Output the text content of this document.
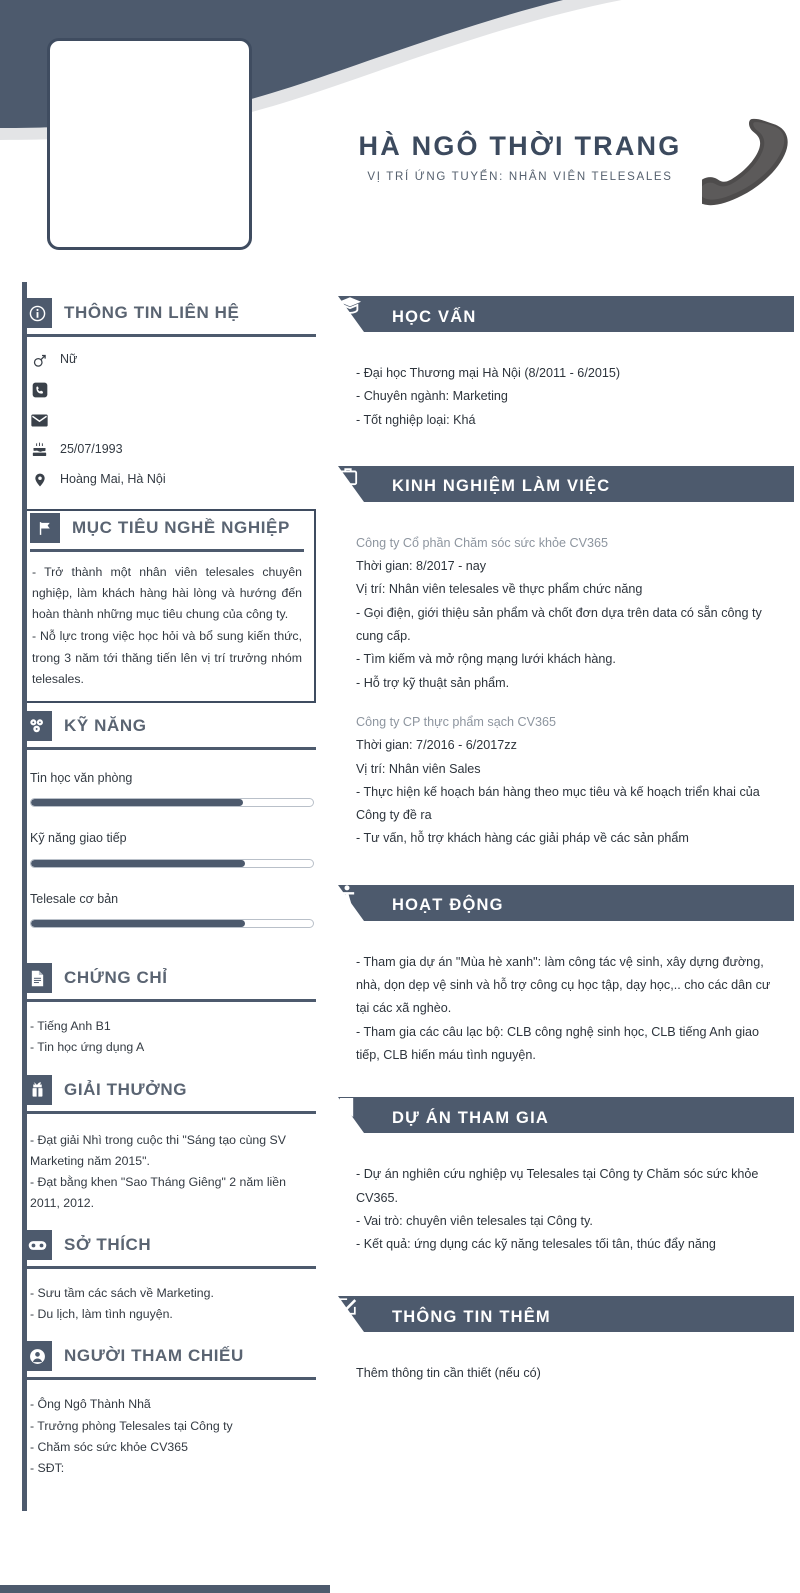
HÀ NGÔ THỜI TRANG
VỊ TRÍ ỨNG TUYỂN: NHÂN VIÊN TELESALES
THÔNG TIN LIÊN HỆ
Nữ
25/07/1993
Hoàng Mai, Hà Nội
MỤC TIÊU NGHỀ NGHIỆP

- Trở thành một nhân viên telesales chuyên nghiệp, làm khách hàng hài lòng và hướng đến hoàn thành những mục tiêu chung của công ty.

- Nỗ lực trong việc học hỏi và bổ sung kiến thức, trong 3 năm tới thăng tiến lên vị trí trưởng nhóm telesales.

KỸ NĂNG
Tin học văn phòng
Kỹ năng giao tiếp
Telesale cơ bản
CHỨNG CHỈ
- Tiếng Anh B1
- Tin học ứng dụng A
GIẢI THƯỞNG

- Đạt giải Nhì trong cuộc thi "Sáng tạo cùng SV Marketing năm 2015".

- Đạt bằng khen "Sao Tháng Giêng" 2 năm liền 2011, 2012.

SỞ THÍCH
- Sưu tầm các sách về Marketing.
- Du lịch, làm tình nguyện.
NGƯỜI THAM CHIẾU
- Ông Ngô Thành Nhã
- Trưởng phòng Telesales tại Công ty
- Chăm sóc sức khỏe CV365
- SĐT:
HỌC VẤN

- Đại học Thương mại Hà Nội (8/2011 - 6/2015)

- Chuyên ngành: Marketing

- Tốt nghiệp loại: Khá

KINH NGHIỆM LÀM VIỆC

Công ty Cổ phần Chăm sóc sức khỏe CV365

Thời gian: 8/2017 - nay

Vị trí: Nhân viên telesales về thực phẩm chức năng

- Gọi điện, giới thiệu sản phẩm và chốt đơn dựa trên data có sẵn công ty cung cấp.

- Tìm kiếm và mở rộng mạng lưới khách hàng.

- Hỗ trợ kỹ thuật sản phẩm.

Công ty CP thực phẩm sạch CV365

Thời gian: 7/2016 - 6/2017zz

Vị trí: Nhân viên Sales

- Thực hiện kế hoạch bán hàng theo mục tiêu và kế hoạch triển khai của Công ty đề ra

- Tư vấn, hỗ trợ khách hàng các giải pháp về các sản phẩm

HOẠT ĐỘNG

- Tham gia dự án "Mùa hè xanh": làm công tác vệ sinh, xây dựng đường, nhà, dọn dẹp vệ sinh và hỗ trợ công cụ học tập, dạy học,.. cho các dân cư tại các xã nghèo.

- Tham gia các câu lạc bộ: CLB công nghệ sinh học, CLB tiếng Anh giao tiếp, CLB hiến máu tình nguyện.

DỰ ÁN THAM GIA

- Dự án nghiên cứu nghiệp vụ Telesales tại Công ty Chăm sóc sức khỏe CV365.

- Vai trò: chuyên viên telesales tại Công ty.

- Kết quả: ứng dụng các kỹ năng telesales tối tân, thúc đẩy năng

THÔNG TIN THÊM

Thêm thông tin cần thiết (nếu có)
